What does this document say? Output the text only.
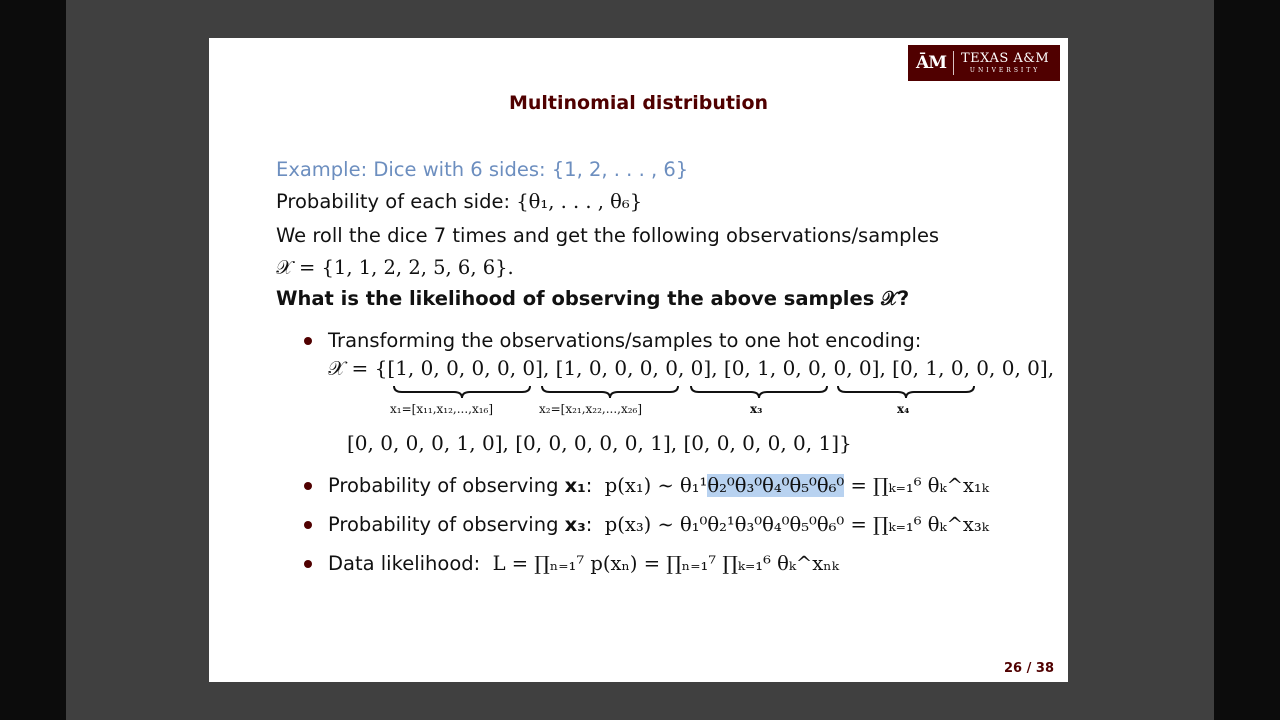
ĀM	TEXAS A&M
UNIVERSITY
Multinomial distribution
Example: Dice with 6 sides: {1, 2, . . . , 6}
Probability of each side: {θ₁, . . . , θ₆}
We roll the dice 7 times and get the following observations/samples
𝒳 = {1, 1, 2, 2, 5, 6, 6}.
What is the likelihood of observing the above samples 𝒳?
Transforming the observations/samples to one hot encoding:
𝒳 = {[1, 0, 0, 0, 0, 0], [1, 0, 0, 0, 0, 0], [0, 1, 0, 0, 0, 0], [0, 1, 0, 0, 0, 0],
x₁=[x₁₁,x₁₂,...,x₁₆]	x₂=[x₂₁,x₂₂,...,x₂₆]	x₃	x₄
[0, 0, 0, 0, 1, 0], [0, 0, 0, 0, 0, 1], [0, 0, 0, 0, 0, 1]}
Probability of observing x₁:  p(x₁) ∼ θ₁¹θ₂⁰θ₃⁰θ₄⁰θ₅⁰θ₆⁰ = ∏ₖ₌₁⁶ θₖ^x₁ₖ
Probability of observing x₃:  p(x₃) ∼ θ₁⁰θ₂¹θ₃⁰θ₄⁰θ₅⁰θ₆⁰ = ∏ₖ₌₁⁶ θₖ^x₃ₖ
Data likelihood: L = ∏ₙ₌₁⁷ p(xₙ) = ∏ₙ₌₁⁷ ∏ₖ₌₁⁶ θₖ^xₙₖ
26 / 38
